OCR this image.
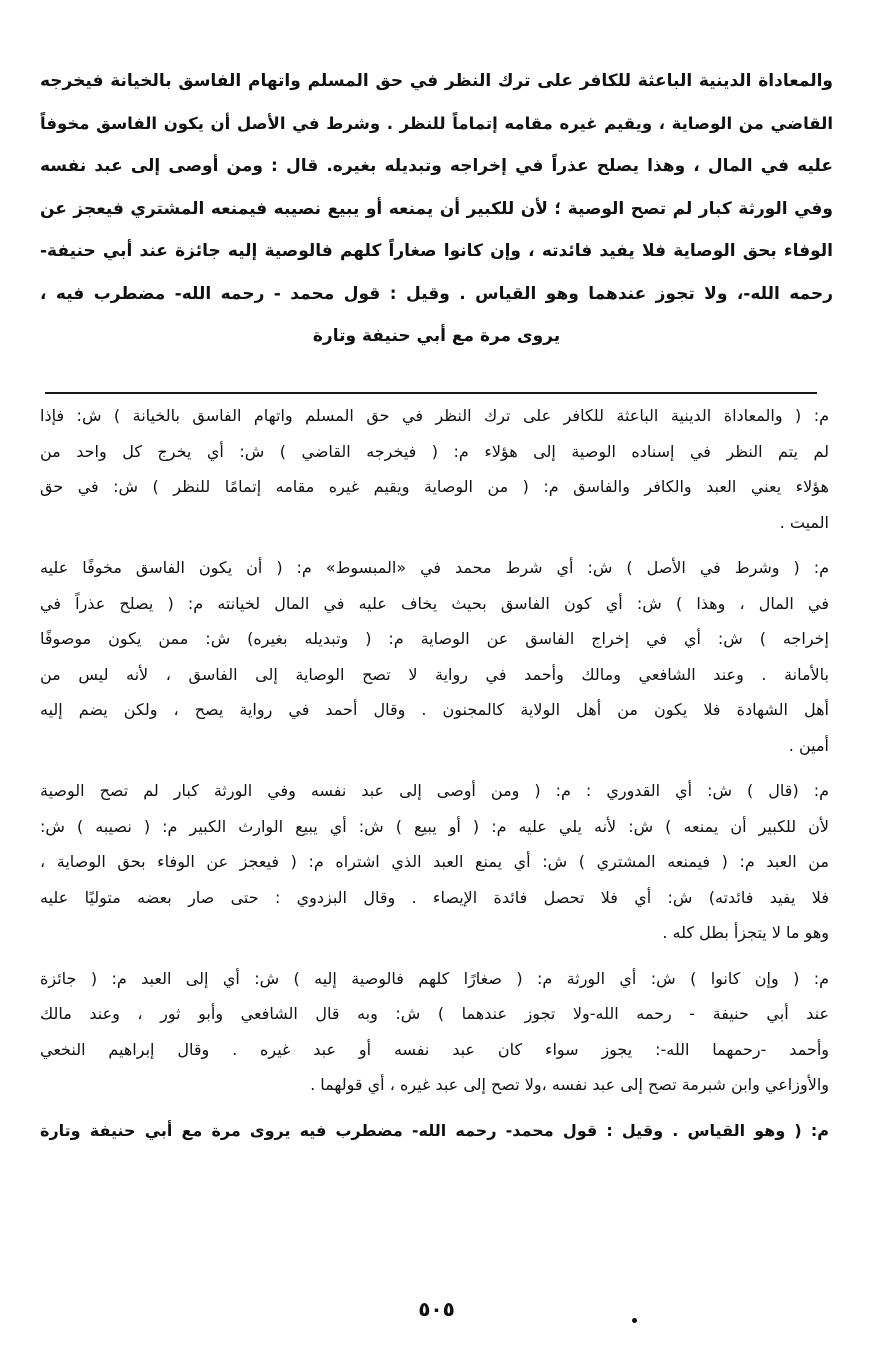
والمعاداة الدينية الباعثة للكافر على ترك النظر في حق المسلم واتهام الفاسق بالخيانة فيخرجه
القاضي من الوصاية ، ويقيم غيره مقامه إتماماً للنظر . وشرط في الأصل أن يكون الفاسق مخوفاً
عليه في المال ، وهذا يصلح عذراً في إخراجه وتبديله بغيره. قال : ومن أوصى إلى عبد نفسه
وفي الورثة كبار لم تصح الوصية ؛ لأن للكبير أن يمنعه أو يبيع نصيبه فيمنعه المشتري فيعجز عن
الوفاء بحق الوصاية فلا يفيد فائدته ، وإن كانوا صغاراً كلهم فالوصية إليه جائزة عند أبي حنيفة-
رحمه الله-، ولا تجوز عندهما وهو القياس . وقيل : قول محمد - رحمه الله- مضطرب فيه ،
يروى مرة مع أبي حنيفة وتارة
م: ( والمعاداة الدينية الباعثة للكافر على ترك النظر في حق المسلم واتهام الفاسق بالخيانة ) ش: فإذا
لم يتم النظر في إسناده الوصية إلى هؤلاء م: ( فيخرجه القاضي ) ش: أي يخرج كل واحد من
هؤلاء يعني العبد والكافر والفاسق م: ( من الوصاية ويقيم غيره مقامه إتمامًا للنظر ) ش: في حق
الميت .
م: ( وشرط في الأصل ) ش: أي شرط محمد في «المبسوط» م: ( أن يكون الفاسق مخوفًا عليه
في المال ، وهذا ) ش: أي كون الفاسق بحيث يخاف عليه في المال لخيانته م: ( يصلح عذراً في
إخراجه ) ش: أي في إخراج الفاسق عن الوصاية م: ( وتبديله بغيره) ش: ممن يكون موصوفًا
بالأمانة . وعند الشافعي ومالك وأحمد في رواية لا تصح الوصاية إلى الفاسق ، لأنه ليس من
أهل الشهادة فلا يكون من أهل الولاية كالمجنون . وقال أحمد في رواية يصح ، ولكن يضم إليه
أمين .
م: (قال ) ش: أي القدوري : م: ( ومن أوصى إلى عبد نفسه وفي الورثة كبار لم تصح الوصية
لأن للكبير أن يمنعه ) ش: لأنه يلي عليه م: ( أو يبيع ) ش: أي يبيع الوارث الكبير م: ( نصيبه ) ش:
من العبد م: ( فيمنعه المشتري ) ش: أي يمنع العبد الذي اشتراه م: ( فيعجز عن الوفاء بحق الوصاية ،
فلا يفيد فائدته) ش: أي فلا تحصل فائدة الإيصاء . وقال البزدوي : حتى صار بعضه متوليًا عليه
وهو ما لا يتجزأ بطل كله .
م: ( وإن كانوا ) ش: أي الورثة م: ( صغارًا كلهم فالوصية إليه ) ش: أي إلى العبد م: ( جائزة
عند أبي حنيفة - رحمه الله-ولا تجوز عندهما ) ش: وبه قال الشافعي وأبو ثور ، وعند مالك
وأحمد -رحمهما الله-: يجوز سواء كان عبد نفسه أو عبد غيره . وقال إبراهيم النخعي
والأوزاعي وابن شبرمة تصح إلى عبد نفسه ،ولا تصح إلى عبد غيره ، أي قولهما .
م: ( وهو القياس . وقيل : قول محمد- رحمه الله- مضطرب فيه يروى مرة مع أبي حنيفة وتارة
٥٠٥
